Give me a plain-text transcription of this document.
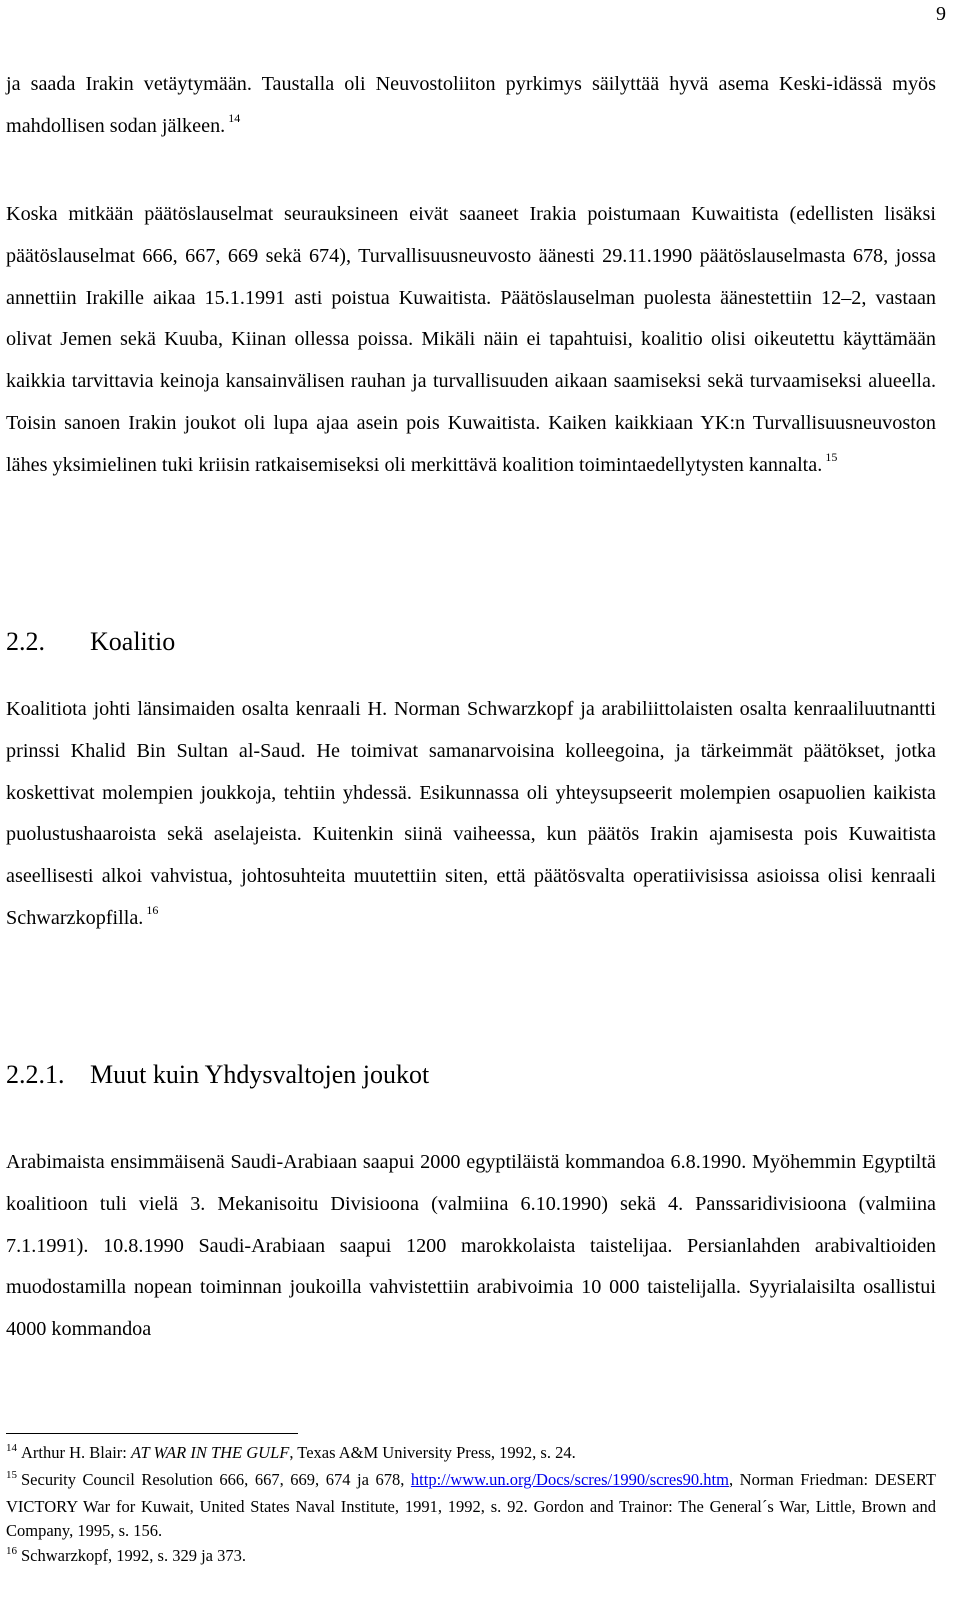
9

ja saada Irakin vetäytymään. Taustalla oli Neuvostoliiton pyrkimys säilyttää hyvä asema Keski-idässä myös mahdollisen sodan jälkeen. $^{14}$

Koska mitkään päätöslauselmat seurauksineen eivät saaneet Irakia poistumaan Kuwaitista (edellisten lisäksi päätöslauselmat 666, 667, 669 sekä 674), Turvallisuusneuvosto äänesti 29.11.1990 päätöslauselmasta 678, jossa annettiin Irakille aikaa 15.1.1991 asti poistua Kuwaitista. Päätöslauselman puolesta äänestettiin 12–2, vastaan olivat Jemen sekä Kuuba, Kiinan ollessa poissa. Mikäli näin ei tapahtuisi, koalitio olisi oikeutettu käyttämään kaikkia tarvittavia keinoja kansainvälisen rauhan ja turvallisuuden aikaan saamiseksi sekä turvaamiseksi alueella. Toisin sanoen Irakin joukot oli lupa ajaa asein pois Kuwaitista. Kaiken kaikkiaan YK:n Turvallisuusneuvoston lähes yksimielinen tuki kriisin ratkaisemiseksi oli merkittävä koalition toimintaedellytysten kannalta. $^{15}$

2.2. Koalitio

Koalitiota johti länsimaiden osalta kenraali H. Norman Schwarzkopf ja arabiliittolaisten osalta kenraaliluutnantti prinssi Khalid Bin Sultan al-Saud. He toimivat samanarvoisina kolleegoina, ja tärkeimmät päätökset, jotka koskettivat molempien joukkoja, tehtiin yhdessä. Esikunnassa oli yhteysupseerit molempien osapuolien kaikista puolustushaaroista sekä aselajeista. Kuitenkin siinä vaiheessa, kun päätös Irakin ajamisesta pois Kuwaitista aseellisesti alkoi vahvistua, johtosuhteita muutettiin siten, että päätösvalta operatiivisissa asioissa olisi kenraali Schwarzkopfilla. $^{16}$

2.2.1. Muut kuin Yhdysvaltojen joukot

Arabimaista ensimmäisenä Saudi-Arabiaan saapui 2000 egyptiläistä kommandoa 6.8.1990. Myöhemmin Egyptiltä koalitioon tuli vielä 3. Mekanisoitu Divisioona (valmiina 6.10.1990) sekä 4. Panssaridivisioona (valmiina 7.1.1991). 10.8.1990 Saudi-Arabiaan saapui 1200 marokkolaista taistelijaa. Persianlahden arabivaltioiden muodostamilla nopean toiminnan joukoilla vahvistettiin arabivoimia 10 000 taistelijalla. Syyrialaisilta osallistui 4000 kommandoa

$^{14}$ Arthur H. Blair: AT WAR IN THE GULF, Texas A&M University Press, 1992, s. 24.

$^{15}$ Security Council Resolution 666, 667, 669, 674 ja 678, http://www.un.org/Docs/scres/1990/scres90.htm, Norman Friedman: DESERT VICTORY War for Kuwait, United States Naval Institute, 1991, 1992, s. 92. Gordon and Trainor: The General´s War, Little, Brown and Company, 1995, s. 156.

$^{16}$ Schwarzkopf, 1992, s. 329 ja 373.
